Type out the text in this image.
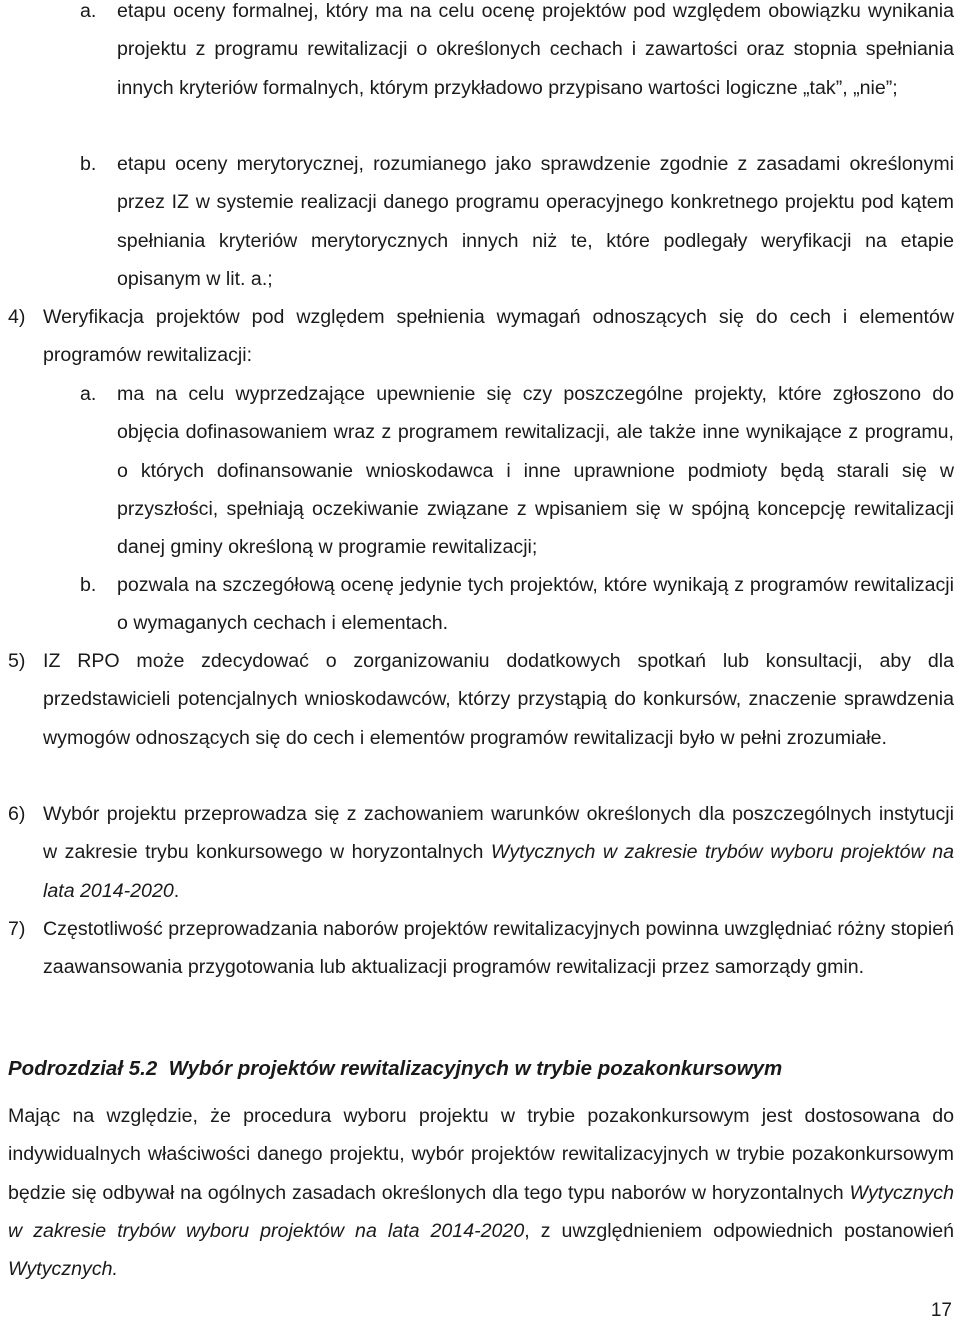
a. etapu oceny formalnej, który ma na celu ocenę projektów pod względem obowiązku wynikania projektu z programu rewitalizacji o określonych cechach i zawartości oraz stopnia spełniania innych kryteriów formalnych, którym przykładowo przypisano wartości logiczne „tak”, „nie”;
b. etapu oceny merytorycznej, rozumianego jako sprawdzenie zgodnie z zasadami określonymi przez IZ w systemie realizacji danego programu operacyjnego konkretnego projektu pod kątem spełniania kryteriów merytorycznych innych niż te, które podlegały weryfikacji na etapie opisanym w lit. a.;
4) Weryfikacja projektów pod względem spełnienia wymagań odnoszących się do cech i elementów programów rewitalizacji:
a. ma na celu wyprzedzające upewnienie się czy poszczególne projekty, które zgłoszono do objęcia dofinasowaniem wraz z programem rewitalizacji, ale także inne wynikające z programu, o których dofinansowanie wnioskodawca i inne uprawnione podmioty będą starali się w przyszłości, spełniają oczekiwanie związane z wpisaniem się w spójną koncepcję rewitalizacji danej gminy określoną w programie rewitalizacji;
b. pozwala na szczegółową ocenę jedynie tych projektów, które wynikają z programów rewitalizacji o wymaganych cechach i elementach.
5) IZ RPO może zdecydować o zorganizowaniu dodatkowych spotkań lub konsultacji, aby dla przedstawicieli potencjalnych wnioskodawców, którzy przystąpią do konkursów, znaczenie sprawdzenia wymogów odnoszących się do cech i elementów programów rewitalizacji było w pełni zrozumiałe.
6) Wybór projektu przeprowadza się z zachowaniem warunków określonych dla poszczególnych instytucji w zakresie trybu konkursowego w horyzontalnych Wytycznych w zakresie trybów wyboru projektów na lata 2014-2020.
7) Częstotliwość przeprowadzania naborów projektów rewitalizacyjnych powinna uwzględniać różny stopień zaawansowania przygotowania lub aktualizacji programów rewitalizacji przez samorządy gmin.
Podrozdział 5.2 Wybór projektów rewitalizacyjnych w trybie pozakonkursowym
Mając na względzie, że procedura wyboru projektu w trybie pozakonkursowym jest dostosowana do indywidualnych właściwości danego projektu, wybór projektów rewitalizacyjnych w trybie pozakonkursowym będzie się odbywał na ogólnych zasadach określonych dla tego typu naborów w horyzontalnych Wytycznych w zakresie trybów wyboru projektów na lata 2014-2020, z uwzględnieniem odpowiednich postanowień Wytycznych.
17
